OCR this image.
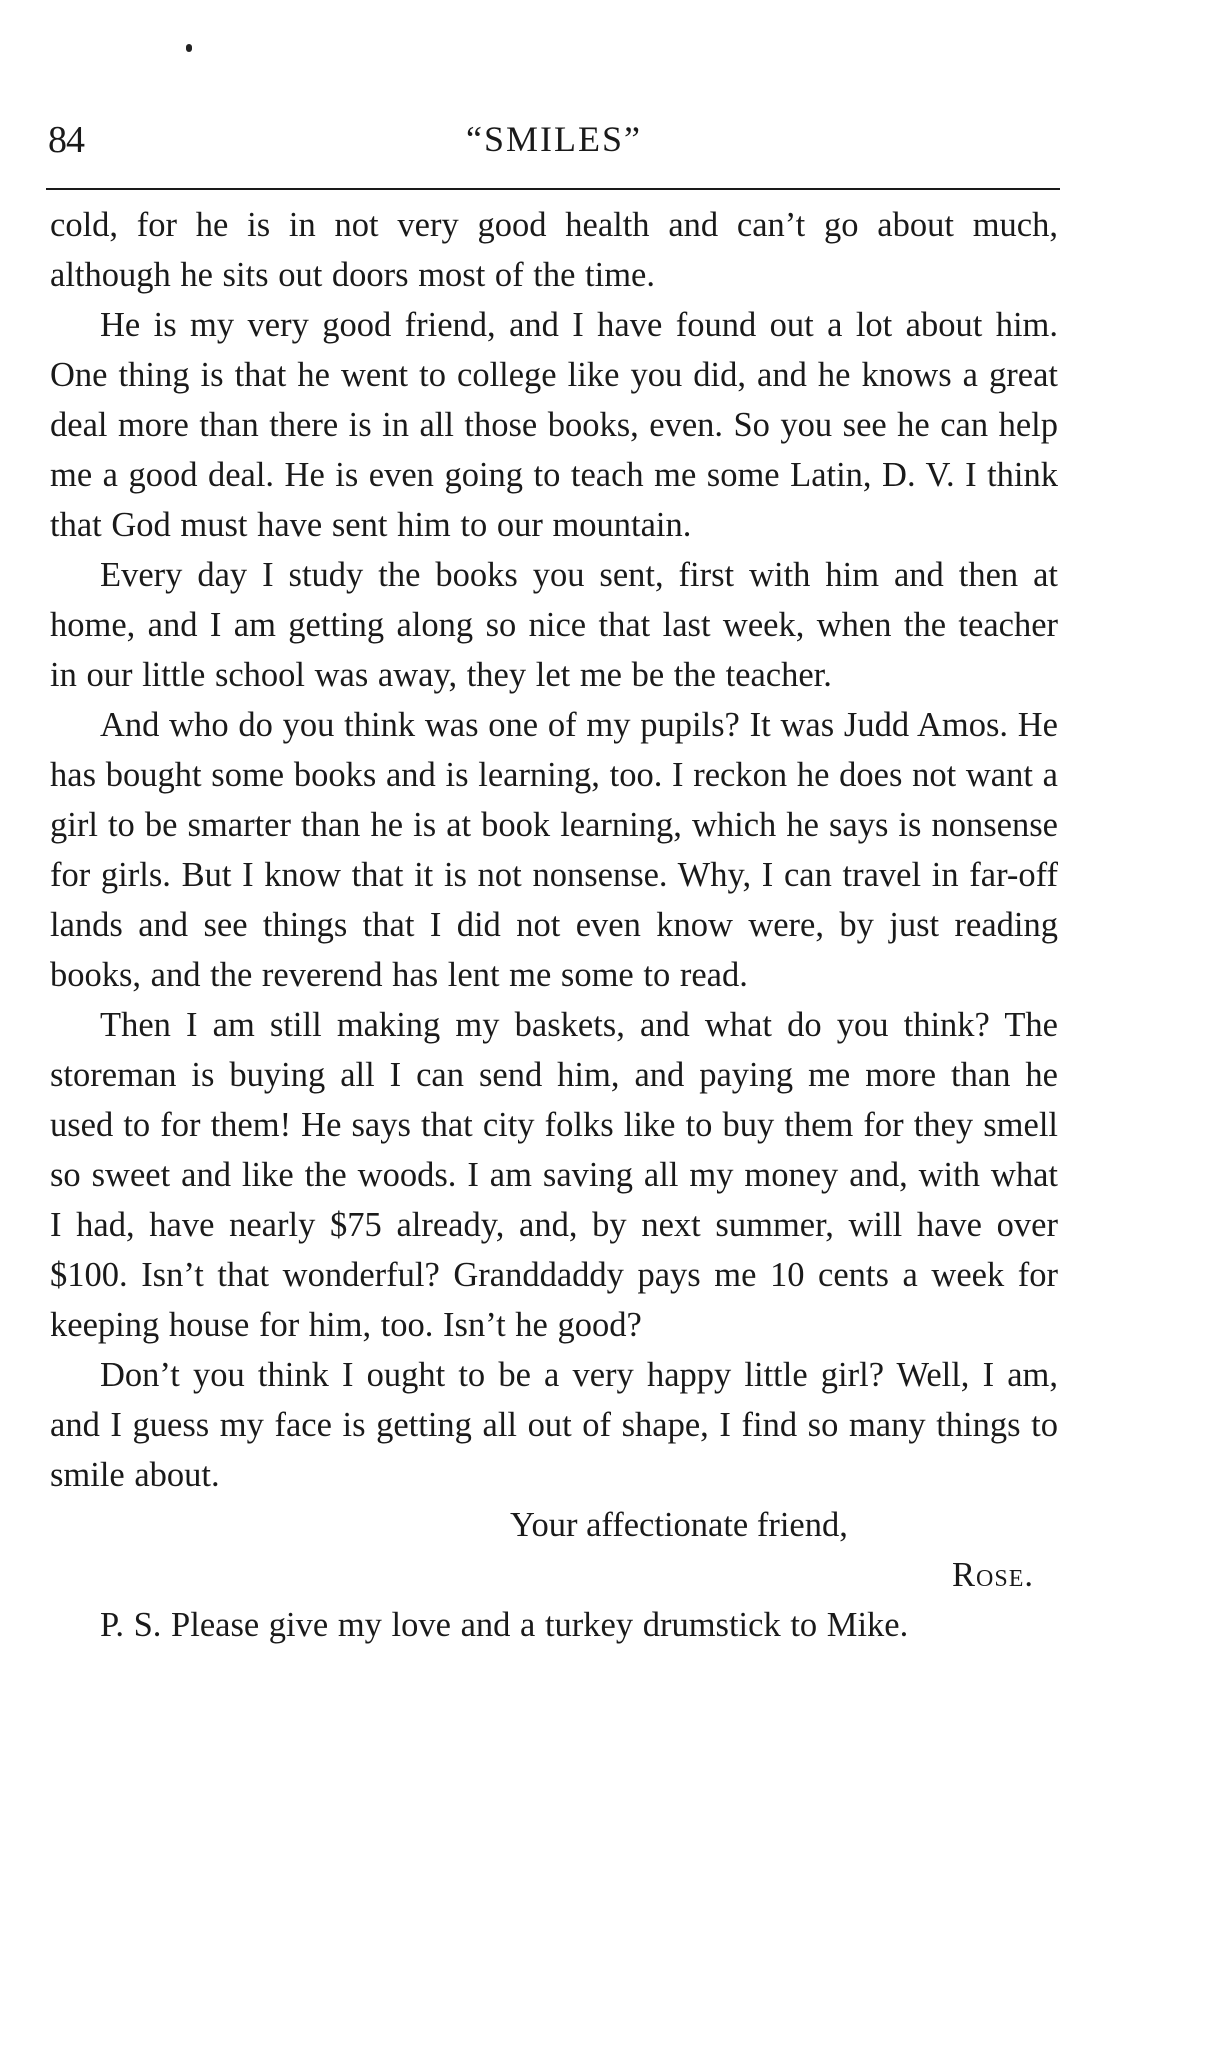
84	“SMILES”

cold, for he is in not very good health and can’t go about much, although he sits out doors most of the time.

He is my very good friend, and I have found out a lot about him. One thing is that he went to college like you did, and he knows a great deal more than there is in all those books, even. So you see he can help me a good deal. He is even going to teach me some Latin, D. V. I think that God must have sent him to our mountain.

Every day I study the books you sent, first with him and then at home, and I am getting along so nice that last week, when the teacher in our little school was away, they let me be the teacher.

And who do you think was one of my pupils? It was Judd Amos. He has bought some books and is learning, too. I reckon he does not want a girl to be smarter than he is at book learning, which he says is nonsense for girls. But I know that it is not nonsense. Why, I can travel in far-off lands and see things that I did not even know were, by just reading books, and the reverend has lent me some to read.

Then I am still making my baskets, and what do you think? The storeman is buying all I can send him, and paying me more than he used to for them! He says that city folks like to buy them for they smell so sweet and like the woods. I am saving all my money and, with what I had, have nearly $75 already, and, by next summer, will have over $100. Isn’t that wonderful? Granddaddy pays me 10 cents a week for keeping house for him, too. Isn’t he good?

Don’t you think I ought to be a very happy little girl? Well, I am, and I guess my face is getting all out of shape, I find so many things to smile about.

Your affectionate friend,

Rose.

P. S. Please give my love and a turkey drumstick to Mike.
